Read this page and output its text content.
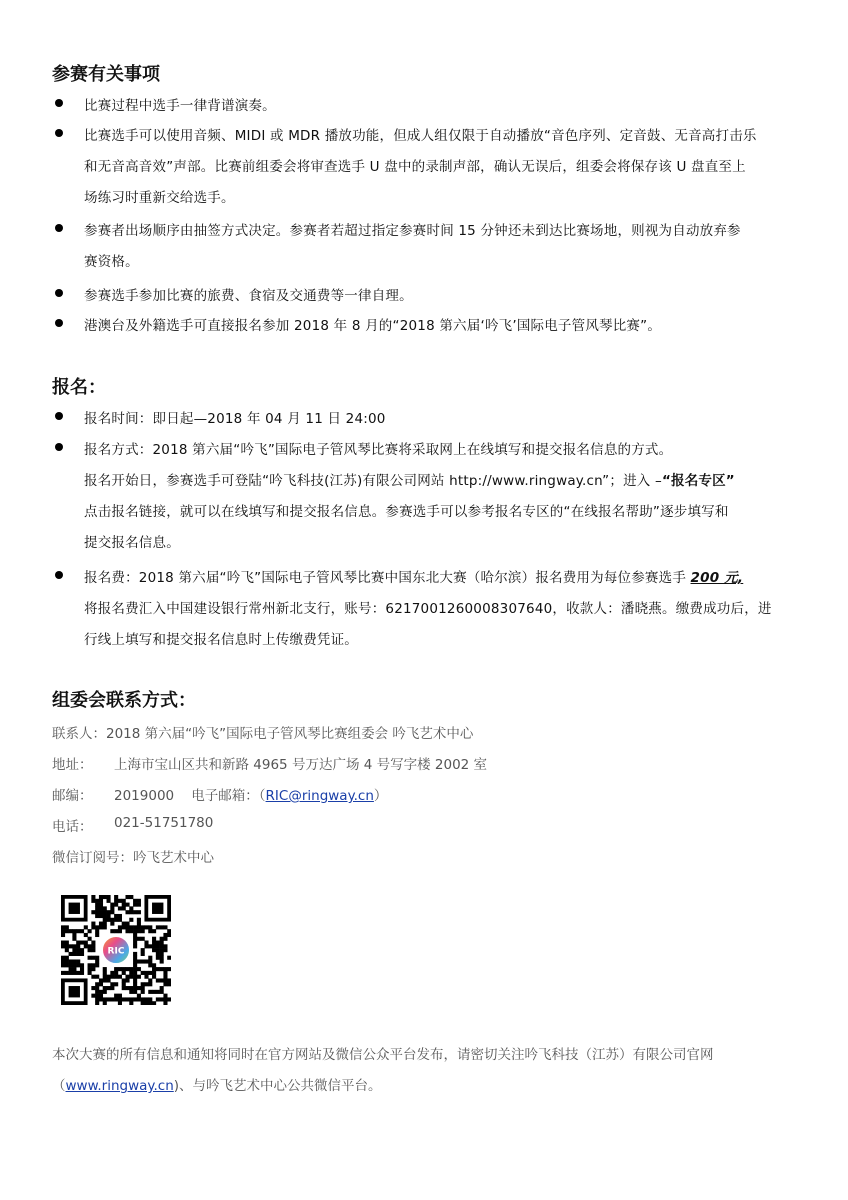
参赛有关事项
比赛过程中选手一律背谱演奏。
比赛选手可以使用音频、MIDI 或 MDR 播放功能，但成人组仅限于自动播放“音色序列、定音鼓、无音高打击乐
和无音高音效”声部。比赛前组委会将审查选手 U 盘中的录制声部，确认无误后，组委会将保存该 U 盘直至上
场练习时重新交给选手。
参赛者出场顺序由抽签方式决定。参赛者若超过指定参赛时间 15 分钟还未到达比赛场地，则视为自动放弃参
赛资格。
参赛选手参加比赛的旅费、食宿及交通费等一律自理。
港澳台及外籍选手可直接报名参加 2018 年 8 月的“2018 第六届‘吟飞’国际电子管风琴比赛”。
报名：
报名时间：即日起—2018 年 04 月 11 日 24:00
报名方式：2018 第六届“吟飞”国际电子管风琴比赛将采取网上在线填写和提交报名信息的方式。
报名开始日，参赛选手可登陆“吟飞科技(江苏)有限公司网站 http://www.ringway.cn”；进入 –“报名专区”
点击报名链接，就可以在线填写和提交报名信息。参赛选手可以参考报名专区的“在线报名帮助”逐步填写和
提交报名信息。
报名费：2018 第六届“吟飞”国际电子管风琴比赛中国东北大赛（哈尔滨）报名费用为每位参赛选手 200 元,
将报名费汇入中国建设银行常州新北支行，账号：6217001260008307640，收款人：潘晓燕。缴费成功后，进
行线上填写和提交报名信息时上传缴费凭证。
组委会联系方式：
联系人：2018 第六届“吟飞”国际电子管风琴比赛组委会 吟飞艺术中心
地址： 上海市宝山区共和新路 4965 号万达广场 4 号写字楼 2002 室
邮编： 2019000 电子邮箱：（RIC@ringway.cn）
电话： 021-51751780
微信订阅号：吟飞艺术中心
RIC
本次大赛的所有信息和通知将同时在官方网站及微信公众平台发布，请密切关注吟飞科技（江苏）有限公司官网
（www.ringway.cn)、与吟飞艺术中心公共微信平台。
